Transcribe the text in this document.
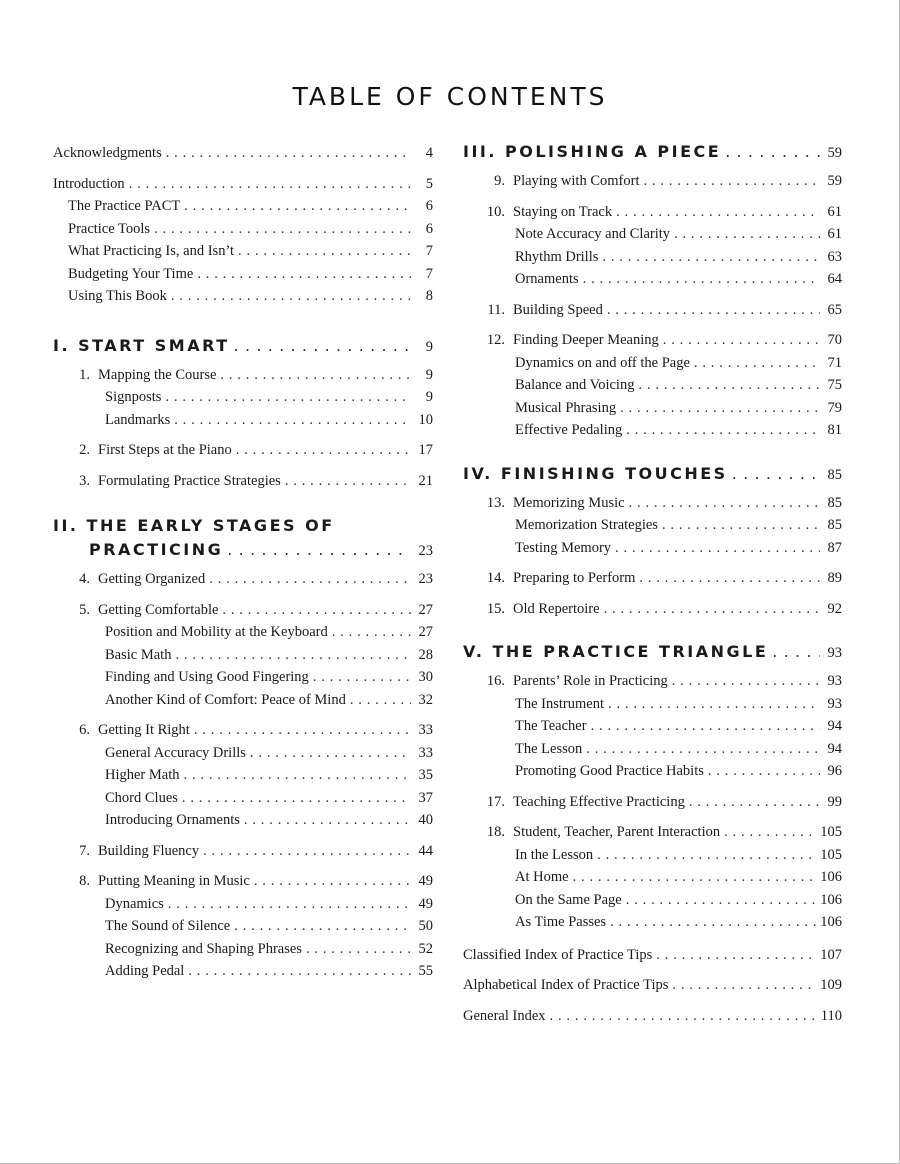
TABLE OF CONTENTS
Acknowledgments . . .	4
Introduction . . .	5
The Practice PACT . . .	6
Practice Tools . . .	6
What Practicing Is, and Isn’t . . .	7
Budgeting Your Time . . .	7
Using This Book . . .	8
I. START SMART . . .	9
1. Mapping the Course . . .	9
Signposts . . .	9
Landmarks . . .	10
2. First Steps at the Piano . . .	17
3. Formulating Practice Strategies . . .	21
II. THE EARLY STAGES OF
PRACTICING . . .	23
4. Getting Organized . . .	23
5. Getting Comfortable . . .	27
Position and Mobility at the Keyboard . . .	27
Basic Math . . .	28
Finding and Using Good Fingering . . .	30
Another Kind of Comfort: Peace of Mind . . .	32
6. Getting It Right . . .	33
General Accuracy Drills . . .	33
Higher Math . . .	35
Chord Clues . . .	37
Introducing Ornaments . . .	40
7. Building Fluency . . .	44
8. Putting Meaning in Music . . .	49
Dynamics . . .	49
The Sound of Silence . . .	50
Recognizing and Shaping Phrases . . .	52
Adding Pedal . . .	55
III. POLISHING A PIECE . . .	59
9. Playing with Comfort . . .	59
10. Staying on Track . . .	61
Note Accuracy and Clarity . . .	61
Rhythm Drills . . .	63
Ornaments . . .	64
11. Building Speed . . .	65
12. Finding Deeper Meaning . . .	70
Dynamics on and off the Page . . .	71
Balance and Voicing . . .	75
Musical Phrasing . . .	79
Effective Pedaling . . .	81
IV. FINISHING TOUCHES . . .	85
13. Memorizing Music . . .	85
Memorization Strategies . . .	85
Testing Memory . . .	87
14. Preparing to Perform . . .	89
15. Old Repertoire . . .	92
V. THE PRACTICE TRIANGLE . . .	93
16. Parents’ Role in Practicing . . .	93
The Instrument . . .	93
The Teacher . . .	94
The Lesson . . .	94
Promoting Good Practice Habits . . .	96
17. Teaching Effective Practicing . . .	99
18. Student, Teacher, Parent Interaction . . .	105
In the Lesson . . .	105
At Home . . .	106
On the Same Page . . .	106
As Time Passes . . .	106
Classified Index of Practice Tips . . .	107
Alphabetical Index of Practice Tips . . .	109
General Index . . .	110
